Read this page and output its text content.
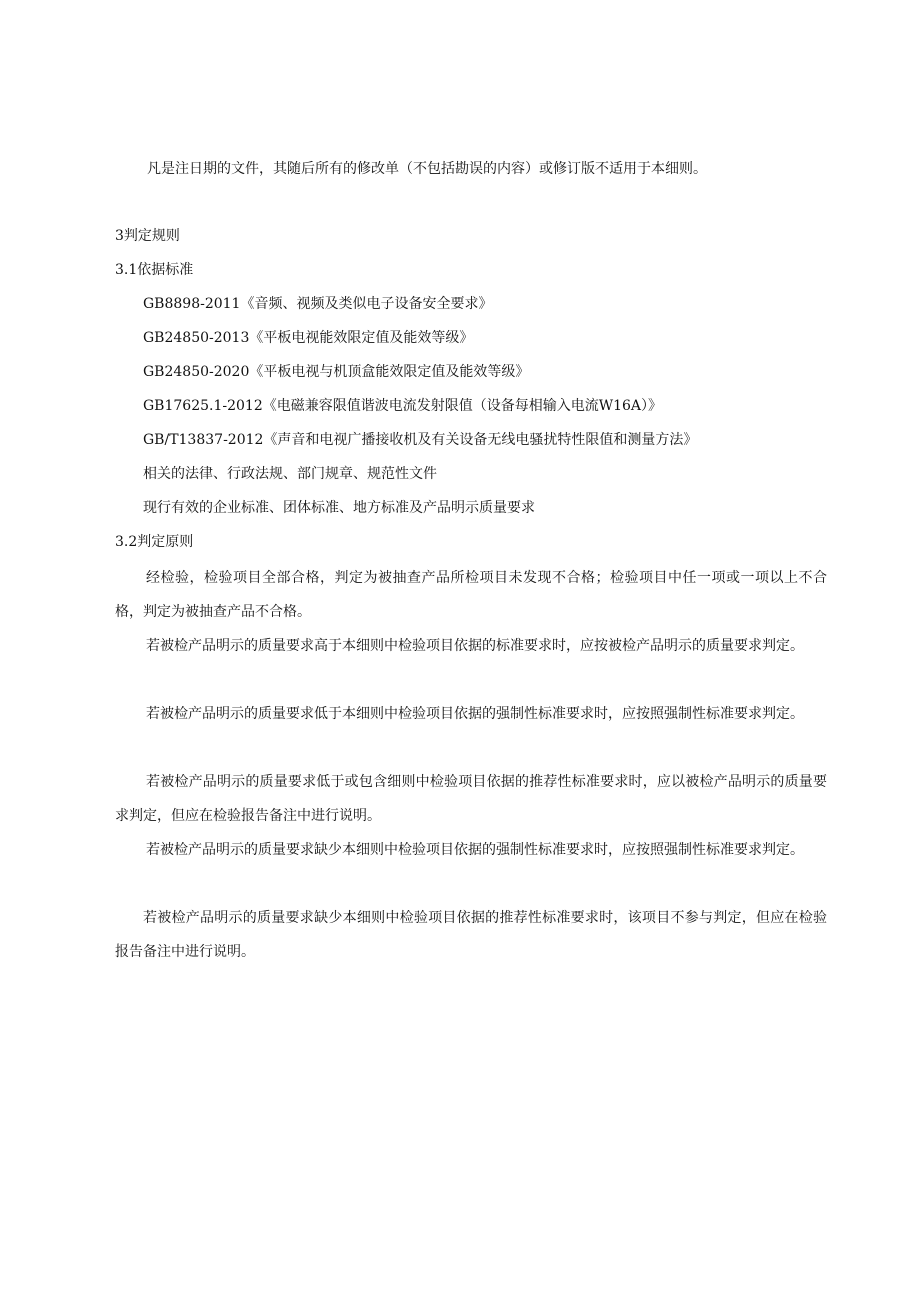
凡是注日期的文件，其随后所有的修改单（不包括勘误的内容）或修订版不适用于本细则。
3判定规则
3.1依据标准
GB8898-2011《音频、视频及类似电子设备安全要求》
GB24850-2013《平板电视能效限定值及能效等级》
GB24850-2020《平板电视与机顶盒能效限定值及能效等级》
GB17625.1-2012《电磁兼容限值谐波电流发射限值（设备每相输入电流W16A）》
GB/T13837-2012《声音和电视广播接收机及有关设备无线电骚扰特性限值和测量方法》
相关的法律、行政法规、部门规章、规范性文件
现行有效的企业标准、团体标准、地方标准及产品明示质量要求
3.2判定原则
经检验，检验项目全部合格，判定为被抽查产品所检项目未发现不合格；检验项目中任一项或一项以上不合格，判定为被抽查产品不合格。
若被检产品明示的质量要求高于本细则中检验项目依据的标准要求时，应按被检产品明示的质量要求判定。
若被检产品明示的质量要求低于本细则中检验项目依据的强制性标准要求时，应按照强制性标准要求判定。
若被检产品明示的质量要求低于或包含细则中检验项目依据的推荐性标准要求时，应以被检产品明示的质量要求判定，但应在检验报告备注中进行说明。
若被检产品明示的质量要求缺少本细则中检验项目依据的强制性标准要求时，应按照强制性标准要求判定。
若被检产品明示的质量要求缺少本细则中检验项目依据的推荐性标准要求时，该项目不参与判定，但应在检验报告备注中进行说明。
